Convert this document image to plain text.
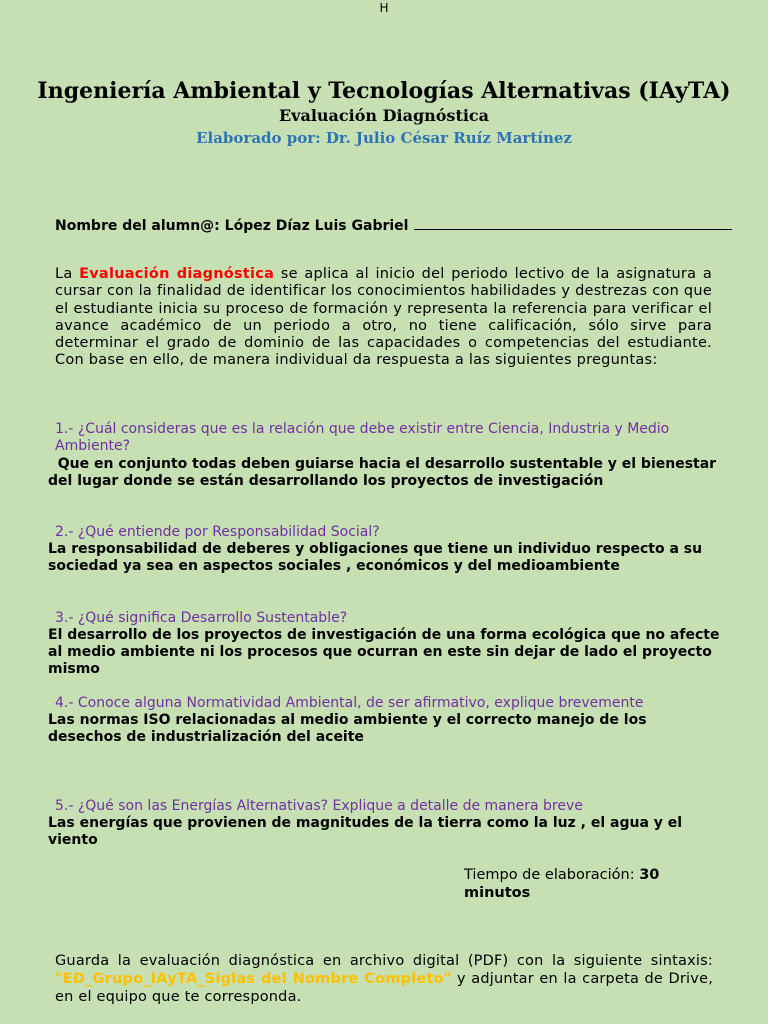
H

Ingeniería Ambiental y Tecnologías Alternativas (IAyTA)

Evaluación Diagnóstica

Elaborado por: Dr. Julio César Ruíz Martínez

Nombre del alumn@: López Díaz Luis Gabriel
La Evaluación diagnóstica se aplica al inicio del periodo lectivo de la asignatura a cursar con la finalidad de identificar los conocimientos habilidades y destrezas con que el estudiante inicia su proceso de formación y representa la referencia para verificar el avance académico de un periodo a otro, no tiene calificación, sólo sirve para determinar el grado de dominio de las capacidades o competencias del estudiante. Con base en ello, de manera individual da respuesta a las siguientes preguntas:
1.- ¿Cuál consideras que es la relación que debe existir entre Ciencia, Industria y Medio Ambiente?
Que en conjunto todas deben guiarse hacia el desarrollo sustentable y el bienestar del lugar donde se están desarrollando los proyectos de investigación
2.- ¿Qué entiende por Responsabilidad Social?
La responsabilidad de deberes y obligaciones que tiene un individuo respecto a su sociedad ya sea en aspectos sociales , económicos y del medioambiente
3.- ¿Qué significa Desarrollo Sustentable?
El desarrollo de los proyectos de investigación de una forma ecológica que no afecte al medio ambiente ni los procesos que ocurran en este sin dejar de lado el proyecto mismo
4.- Conoce alguna Normatividad Ambiental, de ser afirmativo, explique brevemente
Las normas ISO relacionadas al medio ambiente y el correcto manejo de los desechos de industrialización del aceite
5.- ¿Qué son las Energías Alternativas? Explique a detalle de manera breve
Las energías que provienen de magnitudes de la tierra como la luz , el agua y el viento
Tiempo de elaboración: 30 minutos
Guarda la evaluación diagnóstica en archivo digital (PDF) con la siguiente sintaxis: "ED_Grupo_IAyTA_Siglas del Nombre Completo" y adjuntar en la carpeta de Drive, en el equipo que te corresponda.
